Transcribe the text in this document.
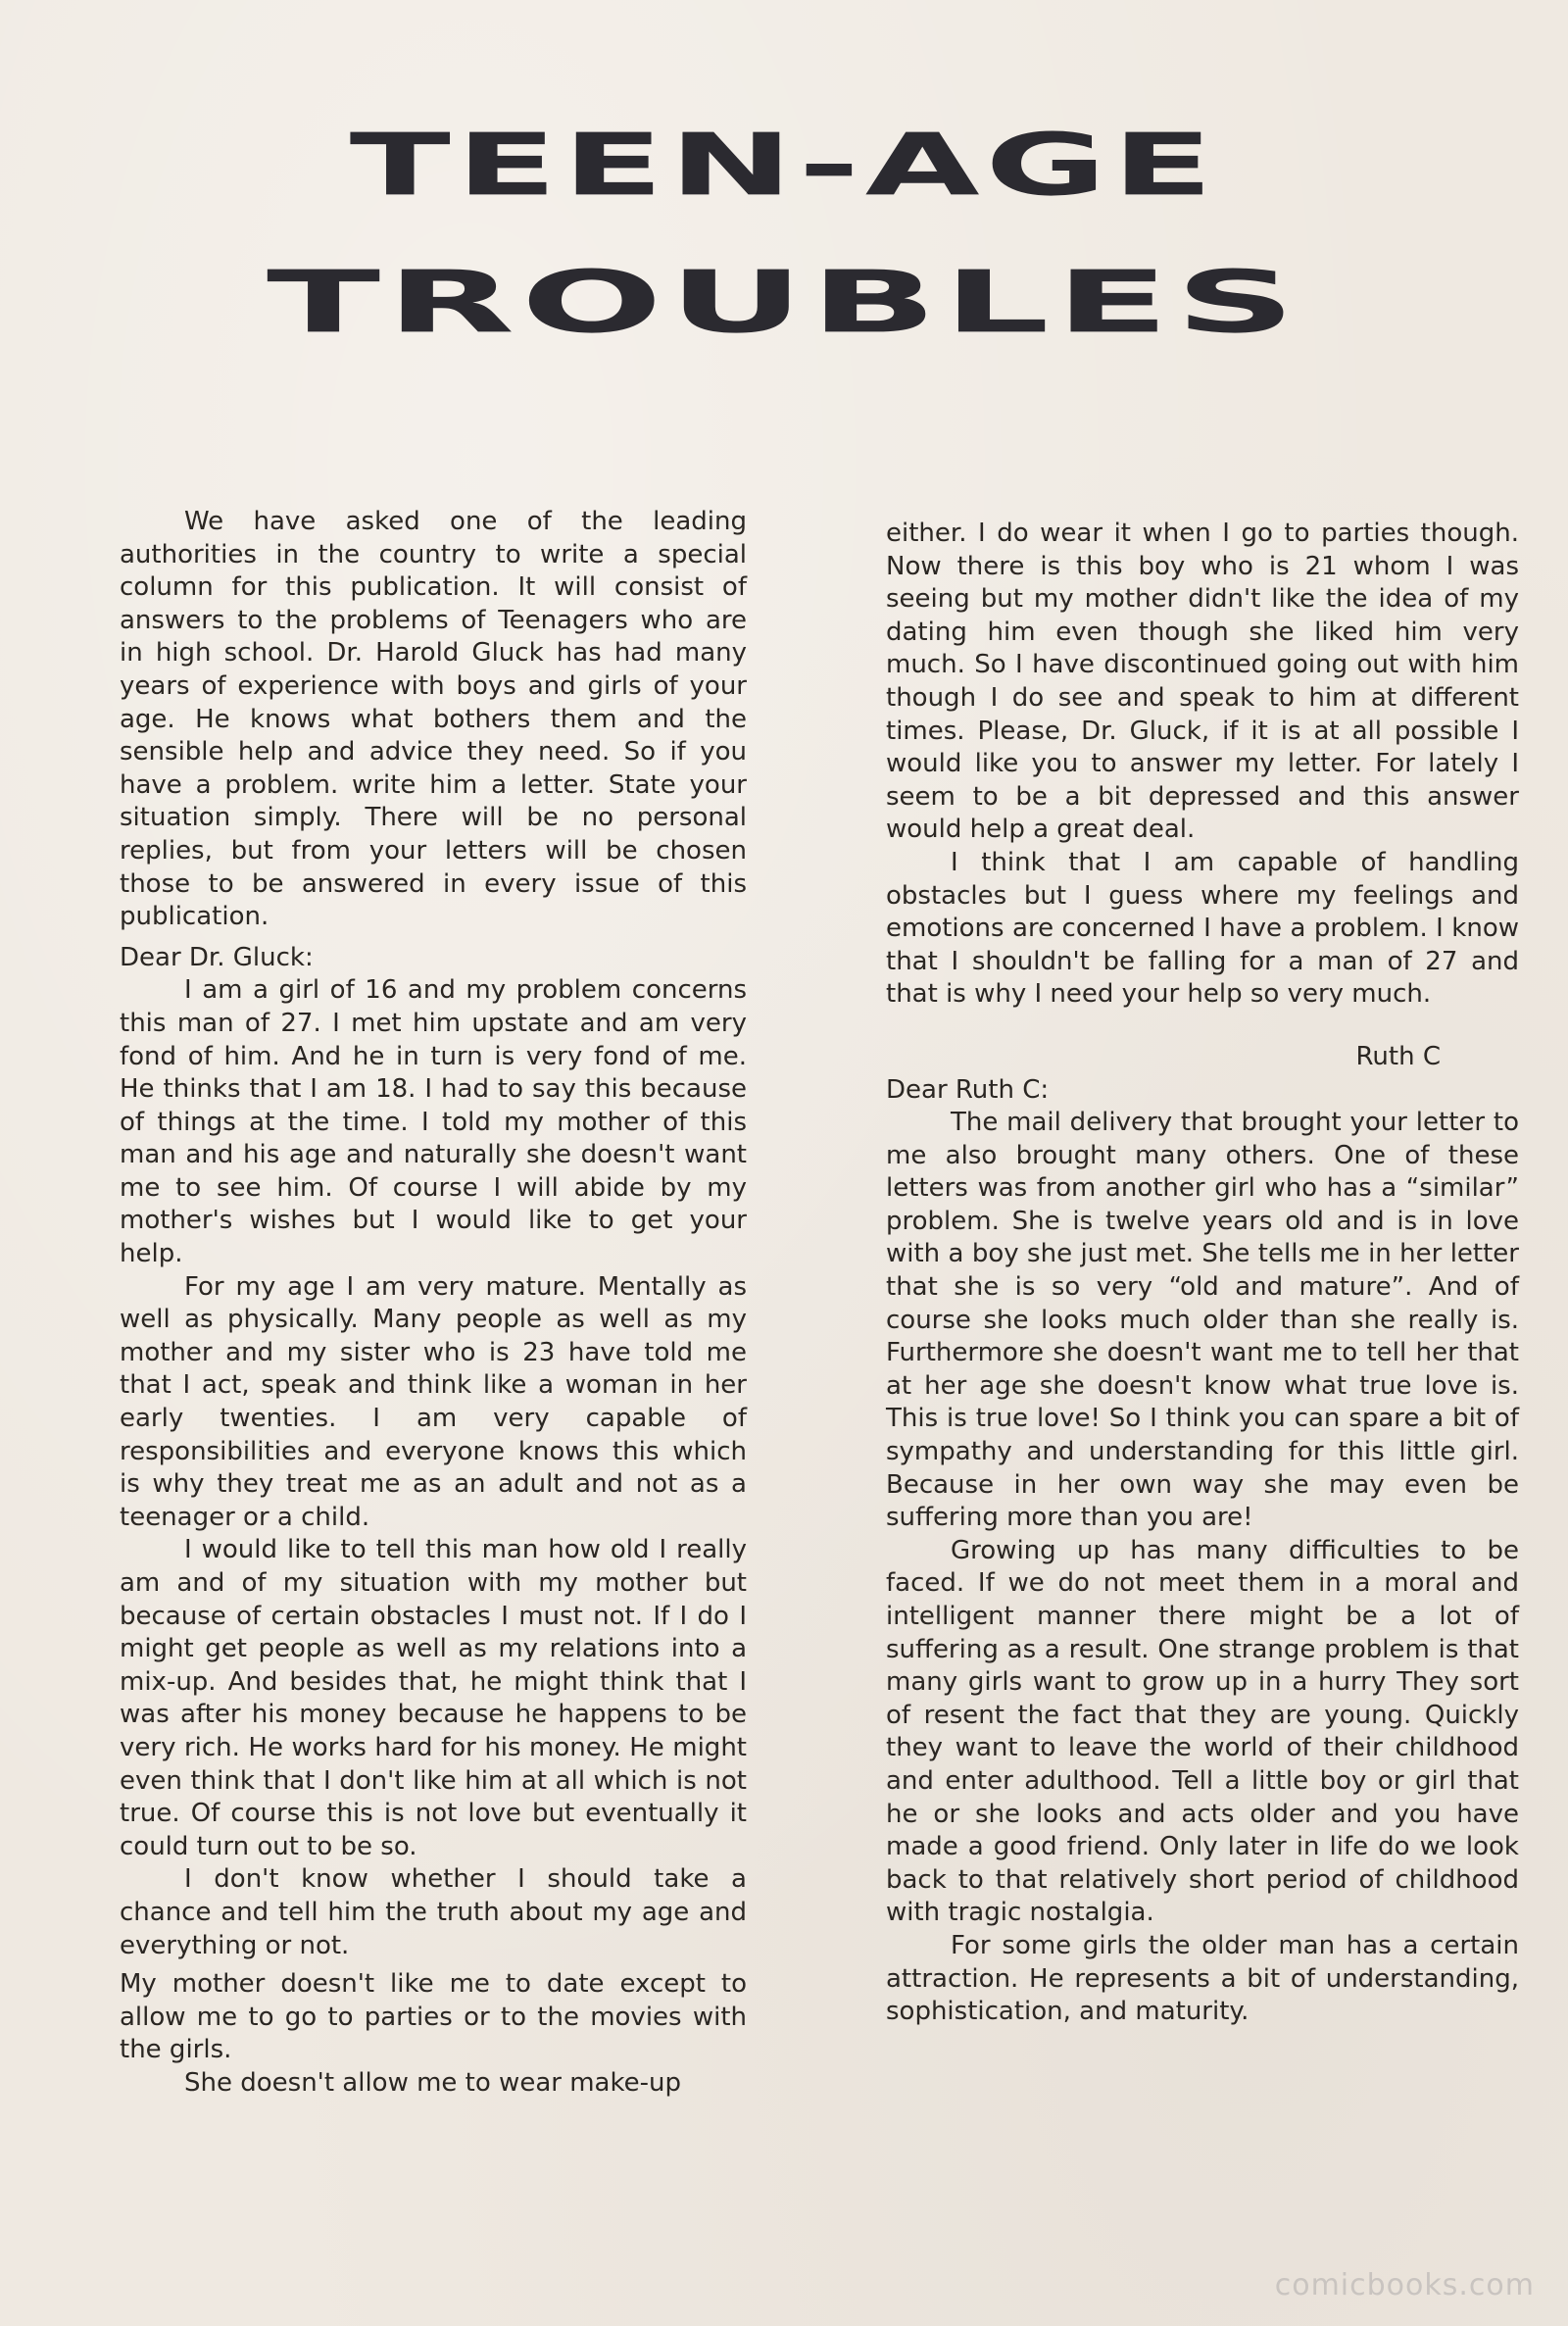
TEEN-AGE
TROUBLES

We have asked one of the leading authorities in the country to write a special column for this publication. It will consist of answers to the problems of Teenagers who are in high school. Dr. Harold Gluck has had many years of experience with boys and girls of your age. He knows what bothers them and the sensible help and advice they need. So if you have a problem. write him a letter. State your situation simply. There will be no personal replies, but from your letters will be chosen those to be answered in every issue of this publication.

Dear Dr. Gluck:

I am a girl of 16 and my problem concerns this man of 27. I met him upstate and am very fond of him. And he in turn is very fond of me. He thinks that I am 18. I had to say this because of things at the time. I told my mother of this man and his age and naturally she doesn't want me to see him. Of course I will abide by my mother's wishes but I would like to get your help.

For my age I am very mature. Mentally as well as physically. Many people as well as my mother and my sister who is 23 have told me that I act, speak and think like a woman in her early twenties. I am very capable of responsibilities and everyone knows this which is why they treat me as an adult and not as a teenager or a child.

I would like to tell this man how old I really am and of my situation with my mother but because of certain obstacles I must not. If I do I might get people as well as my relations into a mix-up. And besides that, he might think that I was after his money because he happens to be very rich. He works hard for his money. He might even think that I don't like him at all which is not true. Of course this is not love but eventually it could turn out to be so.

I don't know whether I should take a chance and tell him the truth about my age and everything or not.

My mother doesn't like me to date except to allow me to go to parties or to the movies with the girls.

She doesn't allow me to wear make-up

either. I do wear it when I go to parties though. Now there is this boy who is 21 whom I was seeing but my mother didn't like the idea of my dating him even though she liked him very much. So I have discontinued going out with him though I do see and speak to him at different times. Please, Dr. Gluck, if it is at all possible I would like you to answer my letter. For lately I seem to be a bit depressed and this answer would help a great deal.

I think that I am capable of handling obstacles but I guess where my feelings and emotions are concerned I have a problem. I know that I shouldn't be falling for a man of 27 and that is why I need your help so very much.

Ruth C

Dear Ruth C:

The mail delivery that brought your letter to me also brought many others. One of these letters was from another girl who has a “similar” problem. She is twelve years old and is in love with a boy she just met. She tells me in her letter that she is so very “old and mature”. And of course she looks much older than she really is. Furthermore she doesn't want me to tell her that at her age she doesn't know what true love is. This is true love! So I think you can spare a bit of sympathy and understanding for this little girl. Because in her own way she may even be suffering more than you are!

Growing up has many difficulties to be faced. If we do not meet them in a moral and intelligent manner there might be a lot of suffering as a result. One strange problem is that many girls want to grow up in a hurry They sort of resent the fact that they are young. Quickly they want to leave the world of their childhood and enter adulthood. Tell a little boy or girl that he or she looks and acts older and you have made a good friend. Only later in life do we look back to that relatively short period of childhood with tragic nostalgia.

For some girls the older man has a certain attraction. He represents a bit of understanding, sophistication, and maturity.

comicbooks.com
